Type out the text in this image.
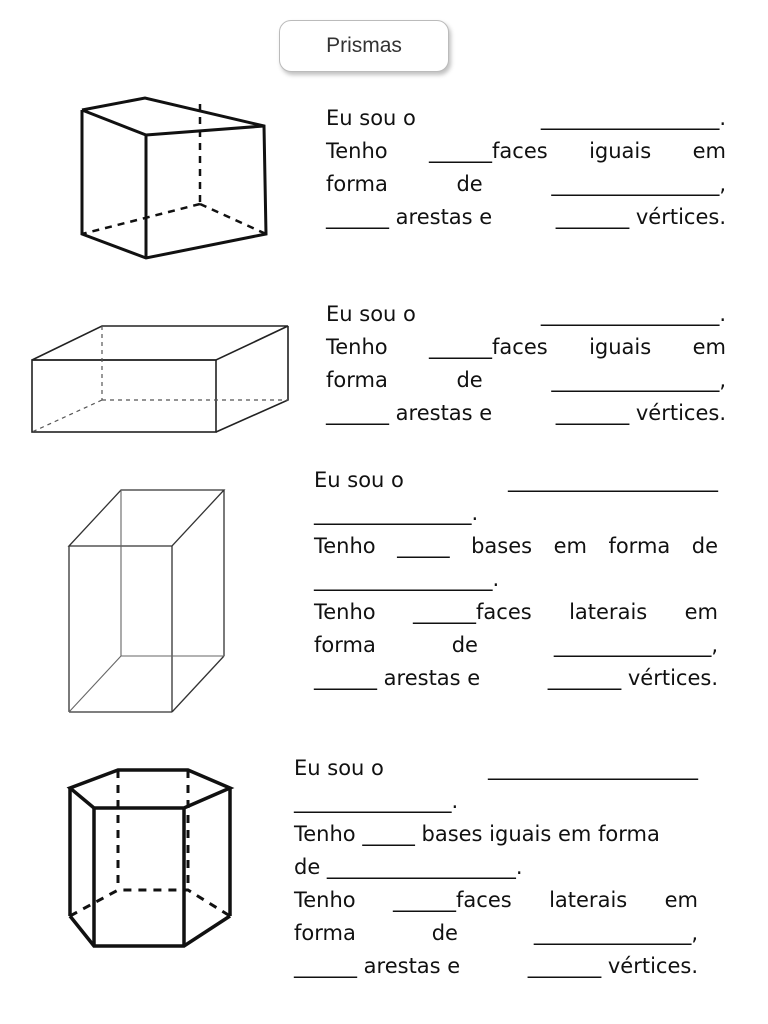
Prismas
Eu sou o	_________________.
Tenho ______faces iguais em
forma	de	________________,
______ arestas e	_______ vértices.
Eu sou o	_________________.
Tenho ______faces iguais em
forma	de	________________,
______ arestas e	_______ vértices.
Eu sou o	____________________
_______________.
Tenho _____ bases em forma de
_________________.
Tenho ______faces laterais em
forma	de	_______________,
______ arestas e	_______ vértices.
Eu sou o	____________________
_______________.
Tenho _____ bases iguais em forma
de __________________.
Tenho ______faces laterais em
forma	de	_______________,
______ arestas e	_______ vértices.
